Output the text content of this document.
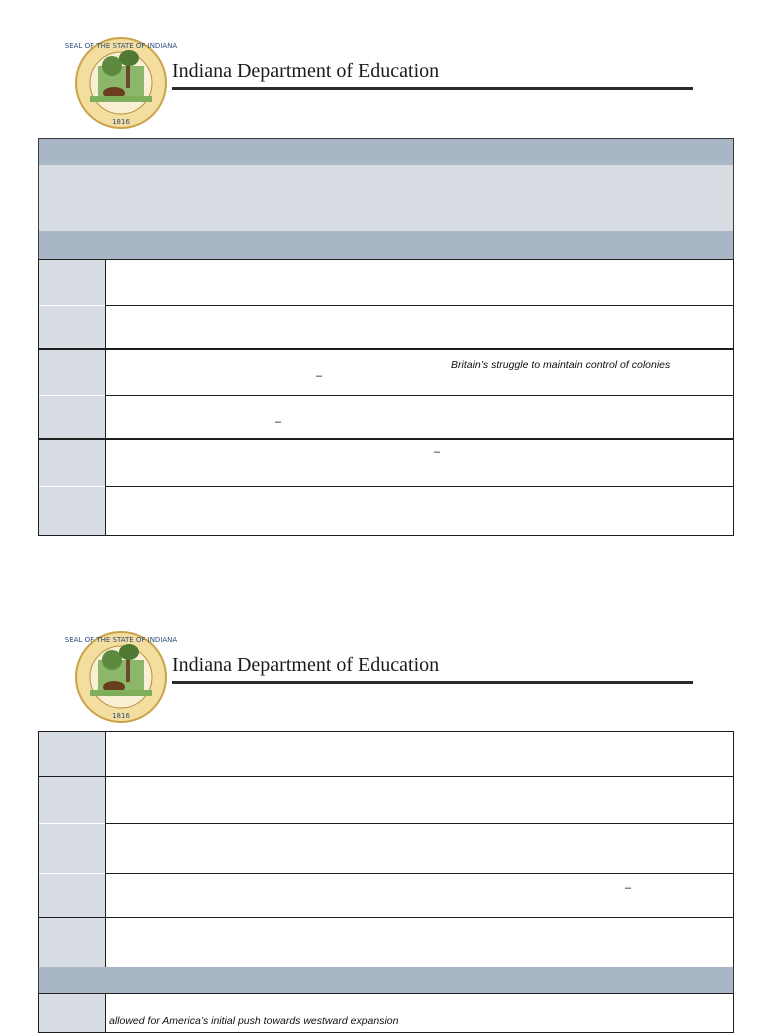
SEAL OF THE STATE OF INDIANA
1816
Indiana Department of Education
Britain’s struggle to maintain control of colonies
–
–
–
SEAL OF THE STATE OF INDIANA
1816
Indiana Department of Education
–
allowed for America’s initial push towards westward expansion
